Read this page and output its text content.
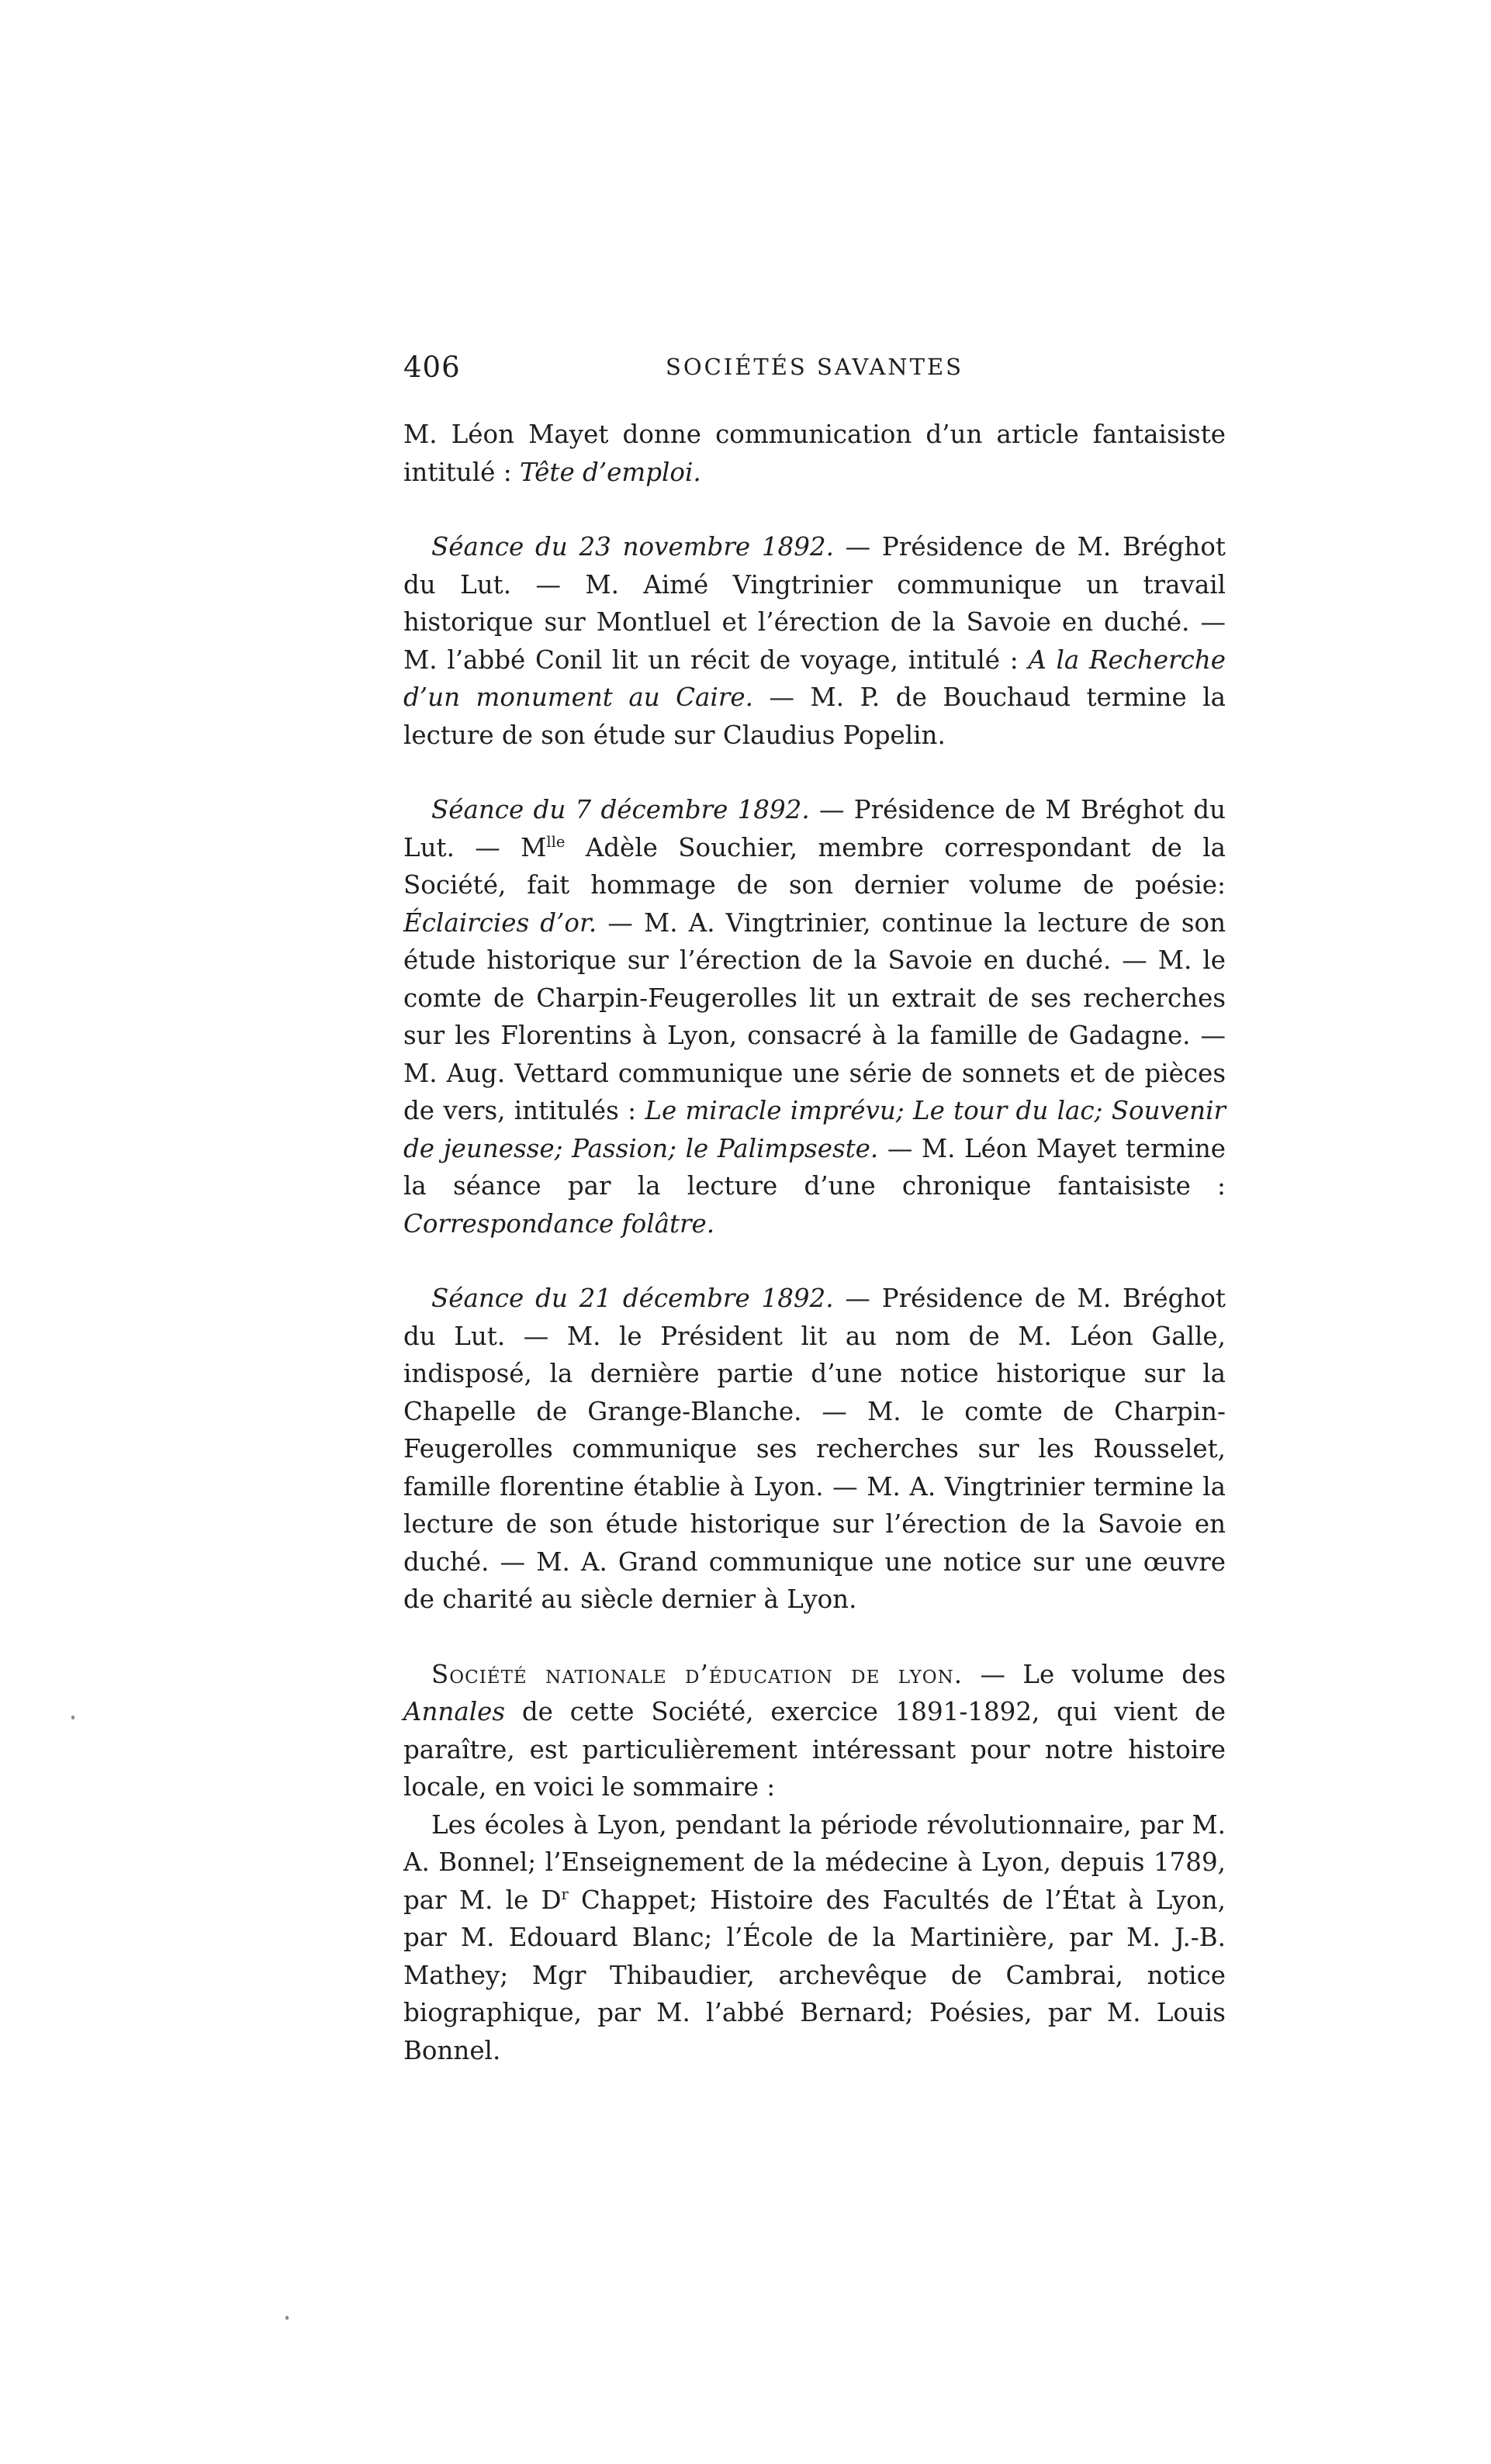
406	SOCIÉTÉS SAVANTES

M. Léon Mayet donne communication d’un article fantaisiste intitulé : Tête d’emploi.

Séance du 23 novembre 1892. — Présidence de M. Bréghot du Lut. — M. Aimé Vingtrinier communique un travail historique sur Montluel et l’érection de la Savoie en duché. — M. l’abbé Conil lit un récit de voyage, intitulé : A la Recherche d’un monument au Caire. — M. P. de Bouchaud termine la lecture de son étude sur Claudius Popelin.

Séance du 7 décembre 1892. — Présidence de M Bréghot du Lut. — $M^{lle}$ Adèle Souchier, membre correspondant de la Société, fait hommage de son dernier volume de poésie: Éclaircies d’or. — M. A. Vingtrinier, continue la lecture de son étude historique sur l’érection de la Savoie en duché. — M. le comte de Charpin-Feugerolles lit un extrait de ses recherches sur les Florentins à Lyon, consacré à la famille de Gadagne. — M. Aug. Vettard communique une série de sonnets et de pièces de vers, intitulés : Le miracle imprévu; Le tour du lac; Souvenir de jeunesse; Passion; le Palimpseste. — M. Léon Mayet termine la séance par la lecture d’une chronique fantaisiste : Correspondance folâtre.

Séance du 21 décembre 1892. — Présidence de M. Bréghot du Lut. — M. le Président lit au nom de M. Léon Galle, indisposé, la dernière partie d’une notice historique sur la Chapelle de Grange-Blanche. — M. le comte de Charpin-Feugerolles communique ses recherches sur les Rousselet, famille florentine établie à Lyon. — M. A. Vingtrinier termine la lecture de son étude historique sur l’érection de la Savoie en duché. — M. A. Grand communique une notice sur une œuvre de charité au siècle dernier à Lyon.

Société nationale d’éducation de lyon. — Le volume des Annales de cette Société, exercice 1891-1892, qui vient de paraître, est particulièrement intéressant pour notre histoire locale, en voici le sommaire :

Les écoles à Lyon, pendant la période révolutionnaire, par M. A. Bonnel; l’Enseignement de la médecine à Lyon, depuis 1789, par M. le $D^r$ Chappet; Histoire des Facultés de l’État à Lyon, par M. Edouard Blanc; l’École de la Martinière, par M. J.-B. Mathey; Mgr Thibaudier, archevêque de Cambrai, notice biographique, par M. l’abbé Bernard; Poésies, par M. Louis Bonnel.
